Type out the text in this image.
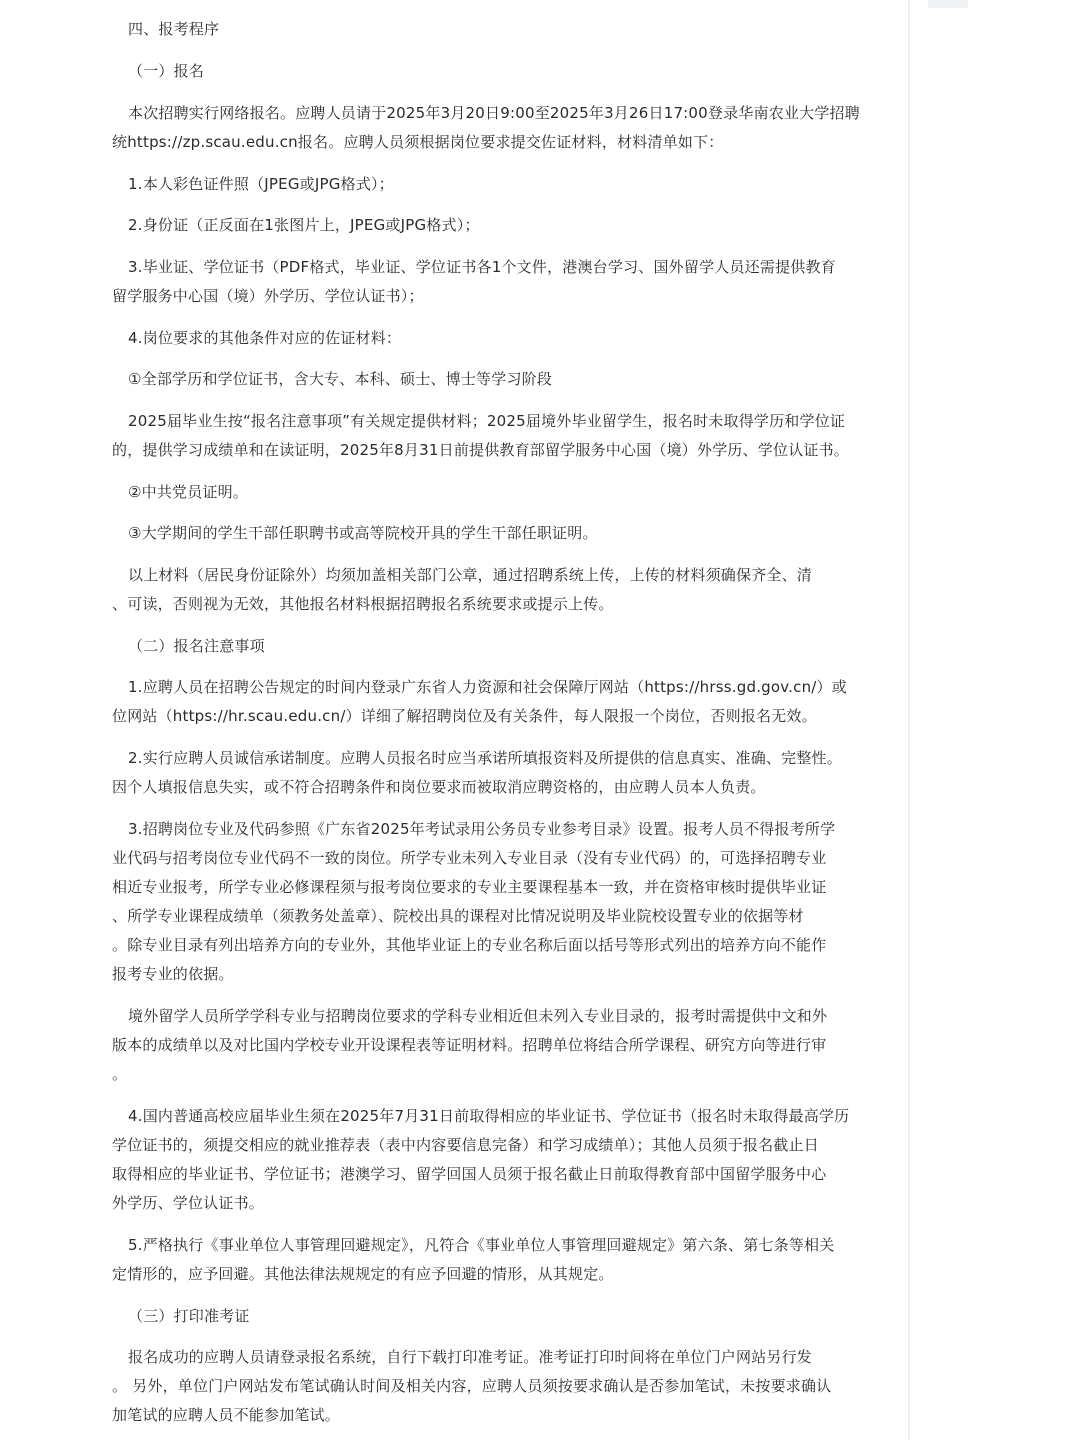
四、报考程序
（一）报名
本次招聘实行网络报名。应聘人员请于2025年3月20日9:00至2025年3月26日17:00登录华南农业大学招聘
统https://zp.scau.edu.cn报名。应聘人员须根据岗位要求提交佐证材料，材料清单如下：
1.本人彩色证件照（JPEG或JPG格式）；
2.身份证（正反面在1张图片上，JPEG或JPG格式）；
3.毕业证、学位证书（PDF格式，毕业证、学位证书各1个文件，港澳台学习、国外留学人员还需提供教育
留学服务中心国（境）外学历、学位认证书）；
4.岗位要求的其他条件对应的佐证材料：
①全部学历和学位证书，含大专、本科、硕士、博士等学习阶段
2025届毕业生按“报名注意事项”有关规定提供材料；2025届境外毕业留学生，报名时未取得学历和学位证
的，提供学习成绩单和在读证明，2025年8月31日前提供教育部留学服务中心国（境）外学历、学位认证书。
②中共党员证明。
③大学期间的学生干部任职聘书或高等院校开具的学生干部任职证明。
以上材料（居民身份证除外）均须加盖相关部门公章，通过招聘系统上传，上传的材料须确保齐全、清
、可读，否则视为无效，其他报名材料根据招聘报名系统要求或提示上传。
（二）报名注意事项
1.应聘人员在招聘公告规定的时间内登录广东省人力资源和社会保障厅网站（https://hrss.gd.gov.cn/）或
位网站（https://hr.scau.edu.cn/）详细了解招聘岗位及有关条件，每人限报一个岗位，否则报名无效。
2.实行应聘人员诚信承诺制度。应聘人员报名时应当承诺所填报资料及所提供的信息真实、准确、完整性。
因个人填报信息失实，或不符合招聘条件和岗位要求而被取消应聘资格的，由应聘人员本人负责。
3.招聘岗位专业及代码参照《广东省2025年考试录用公务员专业参考目录》设置。报考人员不得报考所学
业代码与招考岗位专业代码不一致的岗位。所学专业未列入专业目录（没有专业代码）的，可选择招聘专业
相近专业报考，所学专业必修课程须与报考岗位要求的专业主要课程基本一致，并在资格审核时提供毕业证
、所学专业课程成绩单（须教务处盖章）、院校出具的课程对比情况说明及毕业院校设置专业的依据等材
。除专业目录有列出培养方向的专业外，其他毕业证上的专业名称后面以括号等形式列出的培养方向不能作
报考专业的依据。
境外留学人员所学学科专业与招聘岗位要求的学科专业相近但未列入专业目录的，报考时需提供中文和外
版本的成绩单以及对比国内学校专业开设课程表等证明材料。招聘单位将结合所学课程、研究方向等进行审
。
4.国内普通高校应届毕业生须在2025年7月31日前取得相应的毕业证书、学位证书（报名时未取得最高学历
学位证书的，须提交相应的就业推荐表（表中内容要信息完备）和学习成绩单）；其他人员须于报名截止日
取得相应的毕业证书、学位证书；港澳学习、留学回国人员须于报名截止日前取得教育部中国留学服务中心
外学历、学位认证书。
5.严格执行《事业单位人事管理回避规定》，凡符合《事业单位人事管理回避规定》第六条、第七条等相关
定情形的，应予回避。其他法律法规规定的有应予回避的情形，从其规定。
（三）打印准考证
报名成功的应聘人员请登录报名系统，自行下载打印准考证。准考证打印时间将在单位门户网站另行发
。 另外，单位门户网站发布笔试确认时间及相关内容，应聘人员须按要求确认是否参加笔试，未按要求确认
加笔试的应聘人员不能参加笔试。
